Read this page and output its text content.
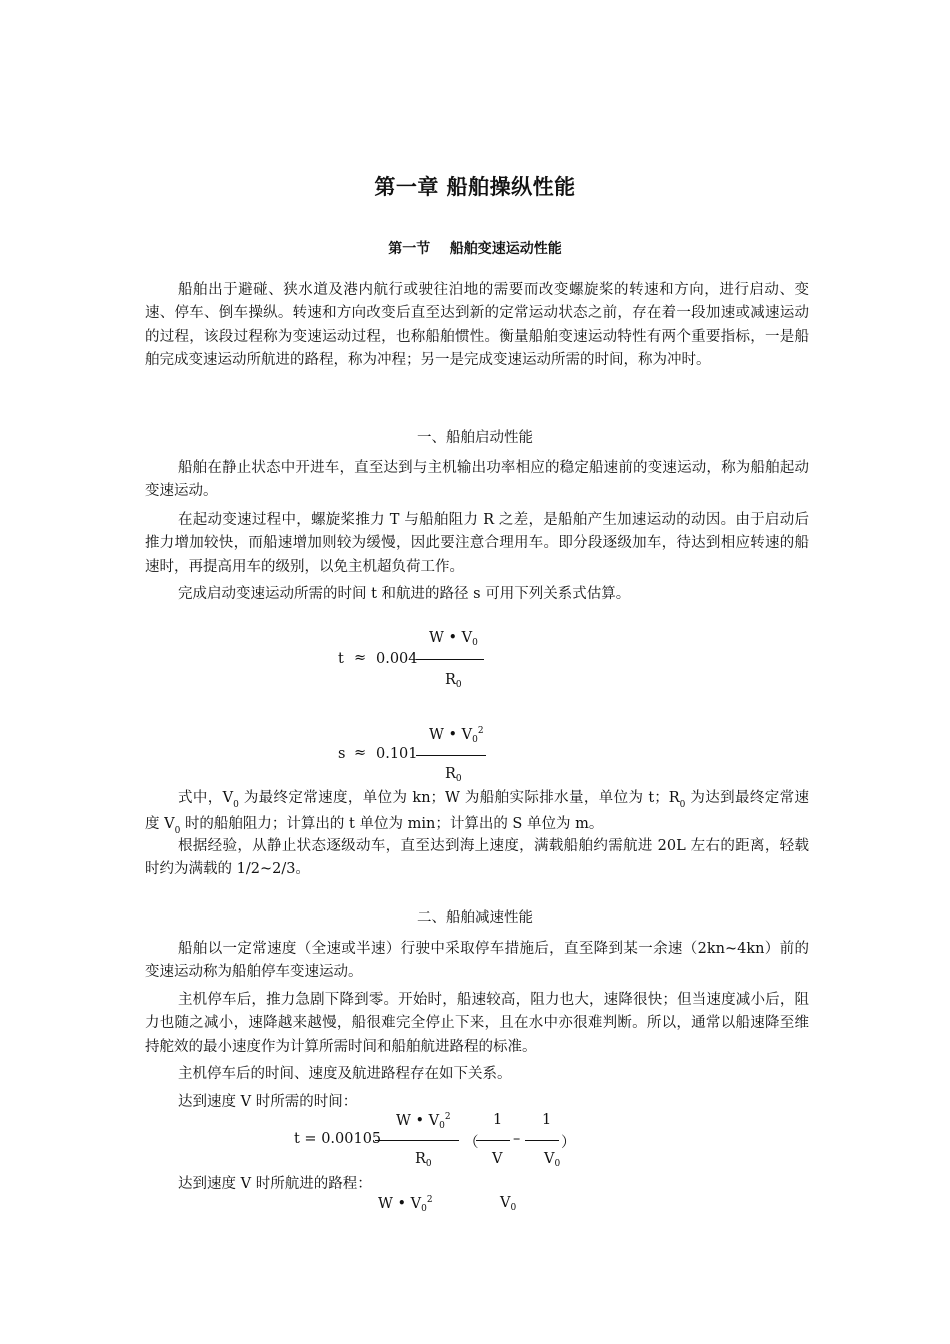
第一章 船舶操纵性能
第一节    船舶变速运动性能

船舶出于避碰、狭水道及港内航行或驶往泊地的需要而改变螺旋桨的转速和方向，进行启动、变速、停车、倒车操纵。转速和方向改变后直至达到新的定常运动状态之前，存在着一段加速或减速运动的过程，该段过程称为变速运动过程，也称船舶惯性。衡量船舶变速运动特性有两个重要指标，一是船舶完成变速运动所航进的路程，称为冲程；另一是完成变速运动所需的时间，称为冲时。

一、船舶启动性能

船舶在静止状态中开进车，直至达到与主机输出功率相应的稳定船速前的变速运动，称为船舶起动变速运动。

在起动变速过程中，螺旋桨推力 T 与船舶阻力 R 之差，是船舶产生加速运动的动因。由于启动后推力增加较快，而船速增加则较为缓慢，因此要注意合理用车。即分段逐级加车，待达到相应转速的船速时，再提高用车的级别，以免主机超负荷工作。

完成启动变速运动所需的时间 t 和航进的路径 s 可用下列关系式估算。

t ≈ 0.004
W • $V_0$
$R_0$
s ≈ 0.101
W • $V_0^2$
$R_0$

式中，$V_0$ 为最终定常速度，单位为 kn；W 为船舶实际排水量，单位为 t；$R_0$ 为达到最终定常速度 $V_0$ 时的船舶阻力；计算出的 t 单位为 min；计算出的 S 单位为 m。

根据经验，从静止状态逐级动车，直至达到海上速度，满载船舶约需航进 20L 左右的距离，轻载时约为满载的 1/2~2/3。

二、船舶减速性能

船舶以一定常速度（全速或半速）行驶中采取停车措施后，直至降到某一余速（2kn~4kn）前的变速运动称为船舶停车变速运动。

主机停车后，推力急剧下降到零。开始时，船速较高，阻力也大，速降很快；但当速度减小后，阻力也随之减小，速降越来越慢，船很难完全停止下来，且在水中亦很难判断。所以，通常以船速降至维持舵效的最小速度作为计算所需时间和船舶航进路程的标准。

主机停车后的时间、速度及航进路程存在如下关系。

达到速度 V 时所需的时间：
t = 0.00105
W • $V_0^2$
$R_0$
（
1
V
–
1
$V_0$
）
达到速度 V 时所航进的路程：
W • $V_0^2$	$V_0$
